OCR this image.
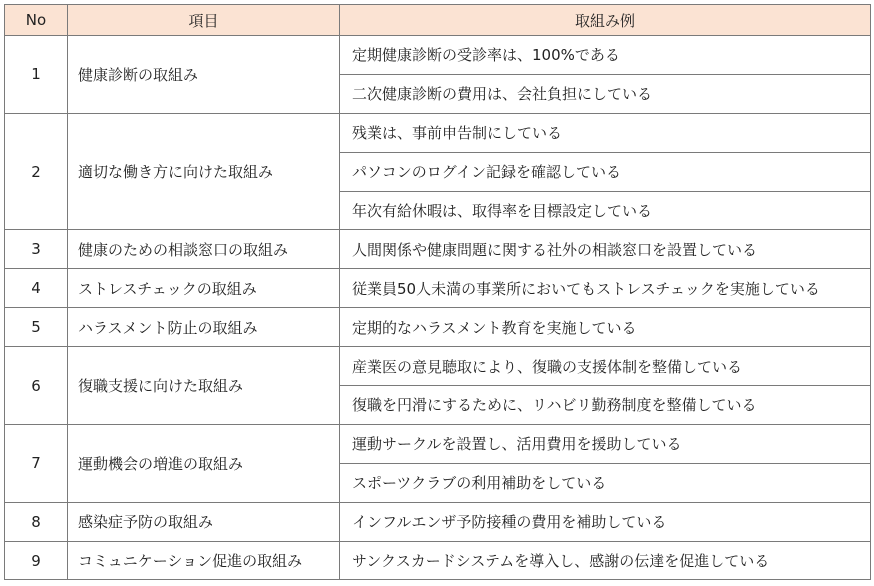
No	項目	取組み例
1	健康診断の取組み	定期健康診断の受診率は、100%である
		二次健康診断の費用は、会社負担にしている
2	適切な働き方に向けた取組み	残業は、事前申告制にしている
		パソコンのログイン記録を確認している
		年次有給休暇は、取得率を目標設定している
3	健康のための相談窓口の取組み	人間関係や健康問題に関する社外の相談窓口を設置している
4	ストレスチェックの取組み	従業員50人未満の事業所においてもストレスチェックを実施している
5	ハラスメント防止の取組み	定期的なハラスメント教育を実施している
6	復職支援に向けた取組み	産業医の意見聴取により、復職の支援体制を整備している
		復職を円滑にするために、リハビリ勤務制度を整備している
7	運動機会の増進の取組み	運動サークルを設置し、活用費用を援助している
		スポーツクラブの利用補助をしている
8	感染症予防の取組み	インフルエンザ予防接種の費用を補助している
9	コミュニケーション促進の取組み	サンクスカードシステムを導入し、感謝の伝達を促進している
